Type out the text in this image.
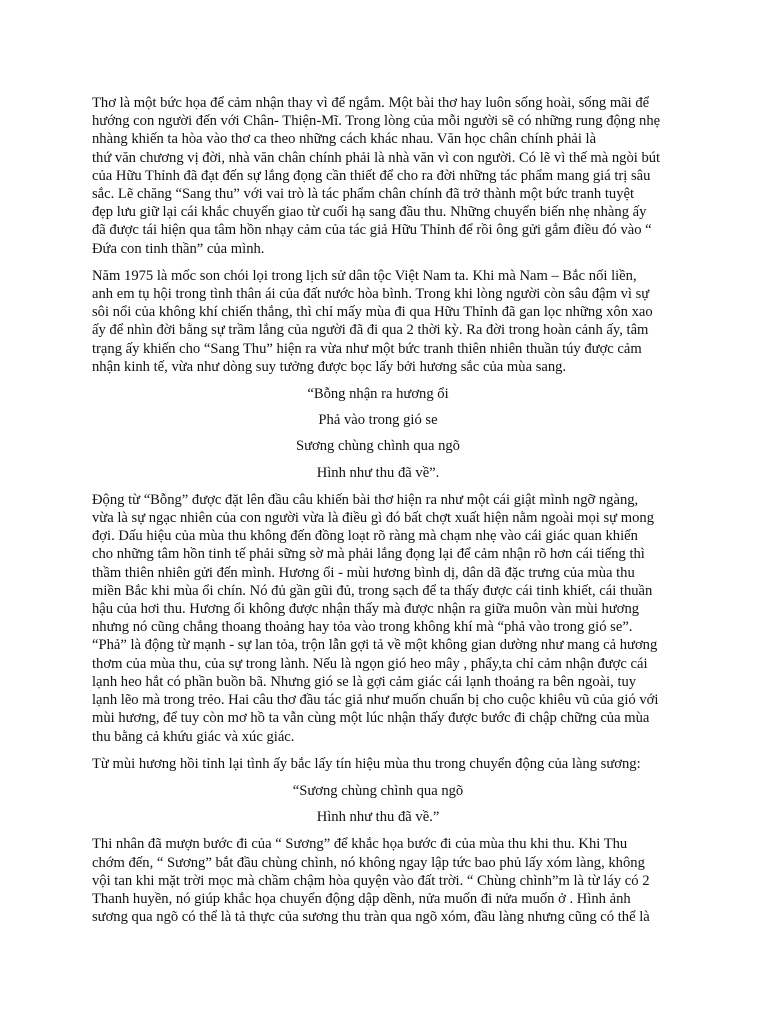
Thơ là một bức họa để cảm nhận thay vì để ngắm. Một bài thơ hay luôn sống hoài, sống mãi để
hướng con người đến với Chân- Thiện-Mĩ. Trong lòng của mỗi người sẽ có những rung động nhẹ
nhàng khiến ta hòa vào thơ ca theo những cách khác nhau. Văn học chân chính phải là
thứ văn chương vị đời, nhà văn chân chính phải là nhà văn vì con người. Có lẽ vì thế mà ngòi bút
của Hữu Thỉnh đã đạt đến sự lắng đọng cần thiết để cho ra đời những tác phẩm mang giá trị sâu
sắc. Lẽ chăng “Sang thu” với vai trò là tác phẩm chân chính đã trở thành một bức tranh tuyệt
đẹp lưu giữ lại cái khắc chuyển giao từ cuối hạ sang đầu thu. Những chuyển biến nhẹ nhàng ấy
đã được tái hiện qua tâm hồn nhạy cảm của tác giả Hữu Thỉnh để rồi ông gửi gắm điều đó vào “
Đứa con tinh thần” của mình.
Năm 1975 là mốc son chói lọi trong lịch sử dân tộc Việt Nam ta. Khi mà Nam – Bắc nối liền,
anh em tụ hội trong tình thân ái của đất nước hòa bình. Trong khi lòng người còn sâu đậm vì sự
sôi nổi của không khí chiến thắng, thì chỉ mấy mùa đi qua Hữu Thỉnh đã gan lọc những xôn xao
ấy để nhìn đời bằng sự trầm lắng của người đã đi qua 2 thời kỳ. Ra đời trong hoàn cảnh ấy, tâm
trạng ấy khiến cho “Sang Thu” hiện ra vừa như một bức tranh thiên nhiên thuần túy được cảm
nhận kinh tế, vừa như dòng suy tưởng được bọc lấy bởi hương sắc của mùa sang.
“Bỗng nhận ra hương ổi

Phả vào trong gió se

Sương chùng chình qua ngõ

Hình như thu đã về”.
Động từ “Bỗng” được đặt lên đầu câu khiến bài thơ hiện ra như một cái giật mình ngỡ ngàng,
vừa là sự ngạc nhiên của con người vừa là điều gì đó bất chợt xuất hiện nằm ngoài mọi sự mong
đợi. Dấu hiệu của mùa thu không đến đồng loạt rõ ràng mà chạm nhẹ vào cái giác quan khiến
cho những tâm hồn tinh tế phải sững sờ mà phải lắng đọng lại để cảm nhận rõ hơn cái tiếng thì
thầm thiên nhiên gửi đến mình. Hương ổi - mùi hương bình dị, dân dã đặc trưng của mùa thu
miền Bắc khi mùa ổi chín. Nó đủ gần gũi đủ, trong sạch để ta thấy được cái tinh khiết, cái thuần
hậu của hơi thu. Hương ổi không được nhận thấy mà được nhận ra giữa muôn vàn mùi hương
nhưng nó cũng chẳng thoang thoảng hay tỏa vào trong không khí mà “phả vào trong gió se”.
“Phả” là động từ mạnh - sự lan tỏa, trộn lẫn gợi tả về một không gian dường như mang cả hương
thơm của mùa thu, của sự trong lành. Nếu là ngọn gió heo mây , phẩy,ta chỉ cảm nhận được cái
lạnh heo hắt có phần buồn bã. Nhưng gió se là gợi cảm giác cái lạnh thoảng ra bên ngoài, tuy
lạnh lẽo mà trong trẻo. Hai câu thơ đầu tác giả như muốn chuẩn bị cho cuộc khiêu vũ của gió với
mùi hương, để tuy còn mơ hồ ta vẫn cùng một lúc nhận thấy được bước đi chập chững của mùa
thu bằng cả khứu giác và xúc giác.
Từ mùi hương hồi tỉnh lại tình ấy bắc lấy tín hiệu mùa thu trong chuyển động của làng sương:
“Sương chùng chình qua ngõ

Hình như thu đã về.”
Thi nhân đã mượn bước đi của “ Sương” để khắc họa bước đi của mùa thu khi thu. Khi Thu
chớm đến, “ Sương” bắt đầu chùng chình, nó không ngay lập tức bao phủ lấy xóm làng, không
vội tan khi mặt trời mọc mà chầm chậm hòa quyện vào đất trời. “ Chùng chình”m là từ láy có 2
Thanh huyền, nó giúp khắc họa chuyển động dập dềnh, nửa muốn đi nửa muốn ở . Hình ảnh
sương qua ngõ có thể là tả thực của sương thu tràn qua ngõ xóm, đầu làng nhưng cũng có thể là
